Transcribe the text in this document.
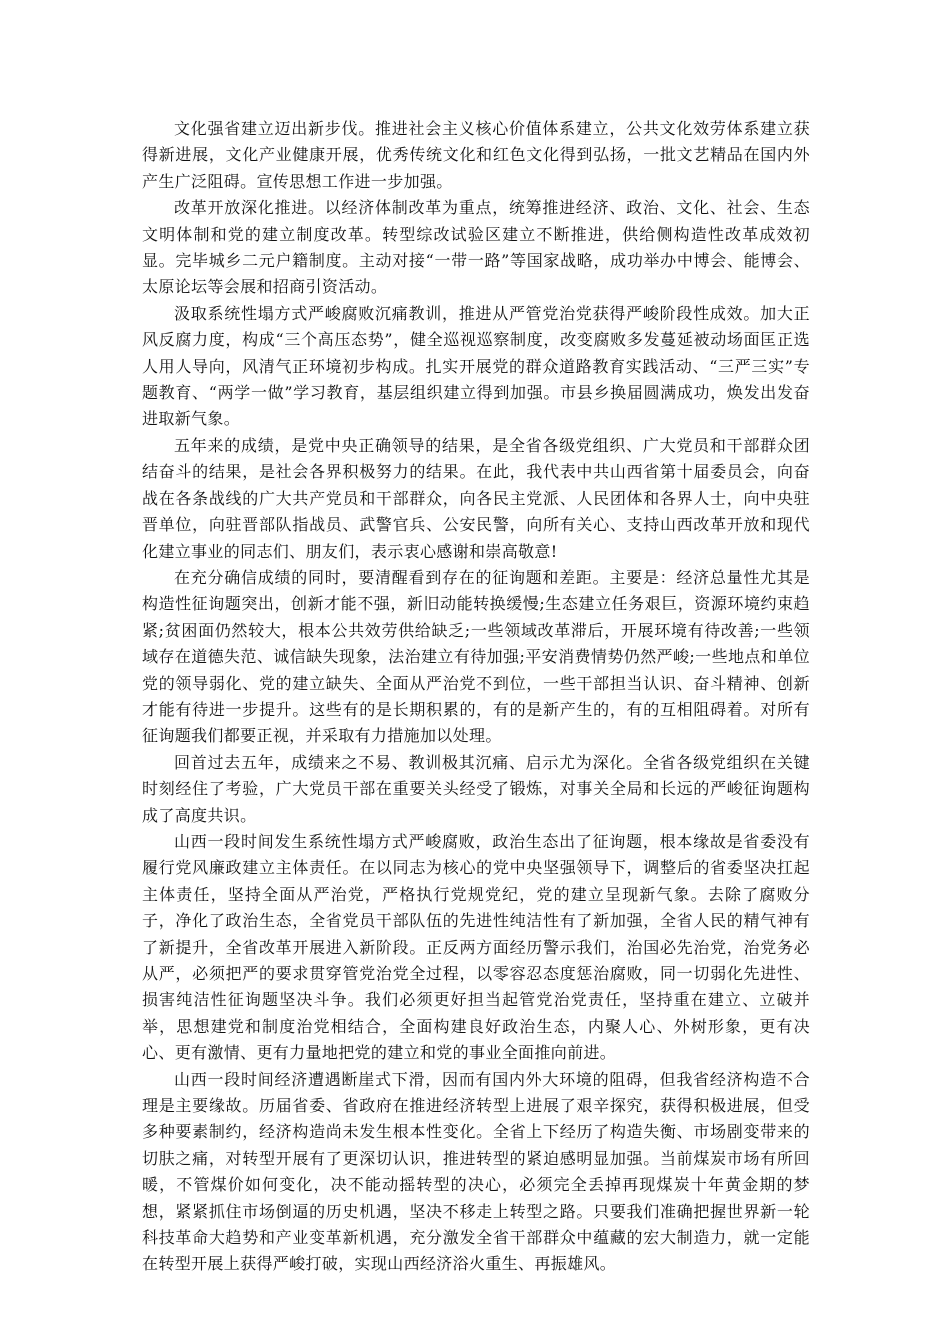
文化强省建立迈出新步伐。推进社会主义核心价值体系建立，公共文化效劳体系建立获得新进展，文化产业健康开展，优秀传统文化和红色文化得到弘扬，一批文艺精品在国内外产生广泛阻碍。宣传思想工作进一步加强。

改革开放深化推进。以经济体制改革为重点，统筹推进经济、政治、文化、社会、生态文明体制和党的建立制度改革。转型综改试验区建立不断推进，供给侧构造性改革成效初显。完毕城乡二元户籍制度。主动对接“一带一路”等国家战略，成功举办中博会、能博会、太原论坛等会展和招商引资活动。

汲取系统性塌方式严峻腐败沉痛教训，推进从严管党治党获得严峻阶段性成效。加大正风反腐力度，构成“三个高压态势”，健全巡视巡察制度，改变腐败多发蔓延被动场面匡正选人用人导向，风清气正环境初步构成。扎实开展党的群众道路教育实践活动、“三严三实”专题教育、“两学一做”学习教育，基层组织建立得到加强。市县乡换届圆满成功，焕发出发奋进取新气象。

五年来的成绩，是党中央正确领导的结果，是全省各级党组织、广大党员和干部群众团结奋斗的结果，是社会各界积极努力的结果。在此，我代表中共山西省第十届委员会，向奋战在各条战线的广大共产党员和干部群众，向各民主党派、人民团体和各界人士，向中央驻晋单位，向驻晋部队指战员、武警官兵、公安民警，向所有关心、支持山西改革开放和现代化建立事业的同志们、朋友们，表示衷心感谢和崇高敬意!

在充分确信成绩的同时，要清醒看到存在的征询题和差距。主要是：经济总量性尤其是构造性征询题突出，创新才能不强，新旧动能转换缓慢;生态建立任务艰巨，资源环境约束趋紧;贫困面仍然较大，根本公共效劳供给缺乏;一些领域改革滞后，开展环境有待改善;一些领域存在道德失范、诚信缺失现象，法治建立有待加强;平安消费情势仍然严峻;一些地点和单位党的领导弱化、党的建立缺失、全面从严治党不到位，一些干部担当认识、奋斗精神、创新才能有待进一步提升。这些有的是长期积累的，有的是新产生的，有的互相阻碍着。对所有征询题我们都要正视，并采取有力措施加以处理。

回首过去五年，成绩来之不易、教训极其沉痛、启示尤为深化。全省各级党组织在关键时刻经住了考验，广大党员干部在重要关头经受了锻炼，对事关全局和长远的严峻征询题构成了高度共识。

山西一段时间发生系统性塌方式严峻腐败，政治生态出了征询题，根本缘故是省委没有履行党风廉政建立主体责任。在以同志为核心的党中央坚强领导下，调整后的省委坚决扛起主体责任，坚持全面从严治党，严格执行党规党纪，党的建立呈现新气象。去除了腐败分子，净化了政治生态，全省党员干部队伍的先进性纯洁性有了新加强，全省人民的精气神有了新提升，全省改革开展进入新阶段。正反两方面经历警示我们，治国必先治党，治党务必从严，必须把严的要求贯穿管党治党全过程，以零容忍态度惩治腐败，同一切弱化先进性、损害纯洁性征询题坚决斗争。我们必须更好担当起管党治党责任，坚持重在建立、立破并举，思想建党和制度治党相结合，全面构建良好政治生态，内聚人心、外树形象，更有决心、更有激情、更有力量地把党的建立和党的事业全面推向前进。

山西一段时间经济遭遇断崖式下滑，因而有国内外大环境的阻碍，但我省经济构造不合理是主要缘故。历届省委、省政府在推进经济转型上进展了艰辛探究，获得积极进展，但受多种要素制约，经济构造尚未发生根本性变化。全省上下经历了构造失衡、市场剧变带来的切肤之痛，对转型开展有了更深切认识，推进转型的紧迫感明显加强。当前煤炭市场有所回暖，不管煤价如何变化，决不能动摇转型的决心，必须完全丢掉再现煤炭十年黄金期的梦想，紧紧抓住市场倒逼的历史机遇，坚决不移走上转型之路。只要我们准确把握世界新一轮科技革命大趋势和产业变革新机遇，充分激发全省干部群众中蕴藏的宏大制造力，就一定能在转型开展上获得严峻打破，实现山西经济浴火重生、再振雄风。
